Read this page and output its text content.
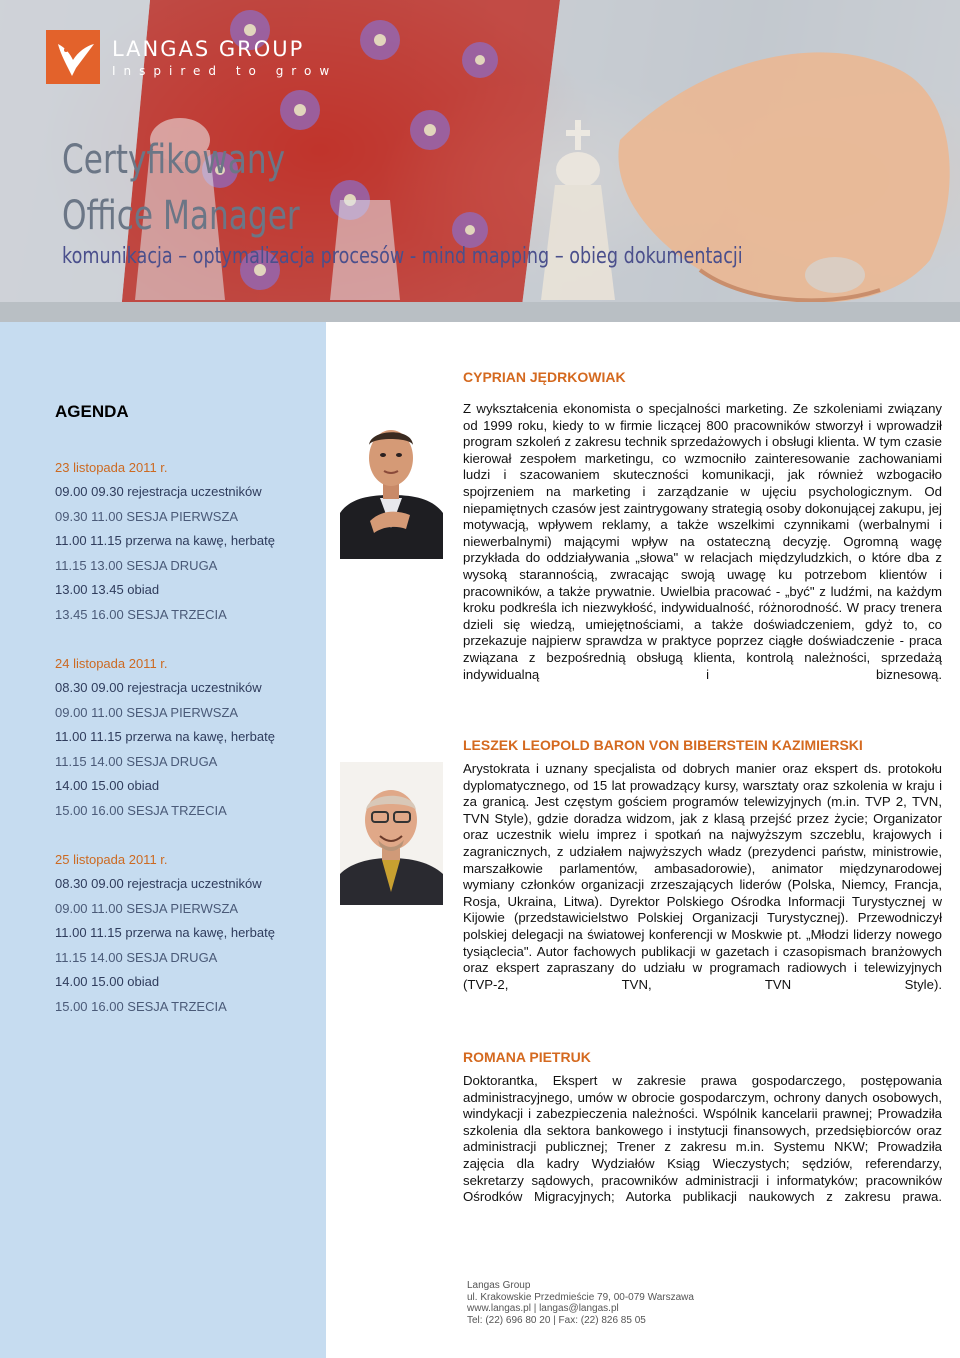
LANGAS GROUP
Inspired to grow
Certyfikowany
Office Manager
komunikacja – optymalizacja procesów - mind mapping – obieg dokumentacji
AGENDA
23 listopada 2011 r.
09.00 09.30 rejestracja uczestników
09.30 11.00 SESJA PIERWSZA
11.00 11.15 przerwa na kawę, herbatę
11.15 13.00 SESJA DRUGA
13.00 13.45 obiad
13.45 16.00 SESJA TRZECIA
24 listopada 2011 r.
08.30 09.00 rejestracja uczestników
09.00 11.00 SESJA PIERWSZA
11.00 11.15 przerwa na kawę, herbatę
11.15 14.00 SESJA DRUGA
14.00 15.00 obiad
15.00 16.00 SESJA TRZECIA
25 listopada 2011 r.
08.30 09.00 rejestracja uczestników
09.00 11.00 SESJA PIERWSZA
11.00 11.15 przerwa na kawę, herbatę
11.15 14.00 SESJA DRUGA
14.00 15.00 obiad
15.00 16.00 SESJA TRZECIA
CYPRIAN JĘDRKOWIAK

Z wykształcenia ekonomista o specjalności marketing. Ze szkoleniami związany od 1999 roku, kiedy to w firmie liczącej 800 pracowników stworzył i wprowadził program szkoleń z zakresu technik sprzedażowych i obsługi klienta. W tym czasie kierował zespołem marketingu, co wzmocniło zainteresowanie zachowaniami ludzi i szacowaniem skuteczności komunikacji, jak również wzbogaciło spojrzeniem na marketing i zarządzanie w ujęciu psychologicznym. Od niepamiętnych czasów jest zaintrygowany strategią osoby dokonującej zakupu, jej motywacją, wpływem reklamy, a także wszelkimi czynnikami (werbalnymi i niewerbalnymi) mającymi wpływ na ostateczną decyzję. Ogromną wagę przykłada do oddziaływania „słowa" w relacjach międzyludzkich, o które dba z wysoką starannością, zwracając swoją uwagę ku potrzebom klientów i pracowników, a także prywatnie. Uwielbia pracować - „być" z ludźmi, na każdym kroku podkreśla ich niezwykłość, indywidualność, różnorodność. W pracy trenera dzieli się wiedzą, umiejętnościami, a także doświadczeniem, gdyż to, co przekazuje najpierw sprawdza w praktyce poprzez ciągłe doświadczenie - praca związana z bezpośrednią obsługą klienta, kontrolą należności, sprzedażą indywidualną i biznesową.

LESZEK LEOPOLD BARON VON BIBERSTEIN KAZIMIERSKI

Arystokrata i uznany specjalista od dobrych manier oraz ekspert ds. protokołu dyplomatycznego, od 15 lat prowadzący kursy, warsztaty oraz szkolenia w kraju i za granicą. Jest częstym gościem programów telewizyjnych (m.in. TVP 2, TVN, TVN Style), gdzie doradza widzom, jak z klasą przejść przez życie; Organizator oraz uczestnik wielu imprez i spotkań na najwyższym szczeblu, krajowych i zagranicznych, z udziałem najwyższych władz (prezydenci państw, ministrowie, marszałkowie parlamentów, ambasadorowie), animator międzynarodowej wymiany członków organizacji zrzeszających liderów (Polska, Niemcy, Francja, Rosja, Ukraina, Litwa). Dyrektor Polskiego Ośrodka Informacji Turystycznej w Kijowie (przedstawicielstwo Polskiej Organizacji Turystycznej). Przewodniczył polskiej delegacji na światowej konferencji w Moskwie pt. „Młodzi liderzy nowego tysiąclecia". Autor fachowych publikacji w gazetach i czasopismach branżowych oraz ekspert zapraszany do udziału w programach radiowych i telewizyjnych (TVP-2, TVN, TVN Style).

ROMANA PIETRUK

Doktorantka, Ekspert w zakresie prawa gospodarczego, postępowania administracyjnego, umów w obrocie gospodarczym, ochrony danych osobowych, windykacji i zabezpieczenia należności. Wspólnik kancelarii prawnej; Prowadziła szkolenia dla sektora bankowego i instytucji finansowych, przedsiębiorców oraz administracji publicznej; Trener z zakresu m.in. Systemu NKW; Prowadziła zajęcia dla kadry Wydziałów Ksiąg Wieczystych; sędziów, referendarzy, sekretarzy sądowych, pracowników administracji i informatyków; pracowników Ośrodków Migracyjnych; Autorka publikacji naukowych z zakresu prawa.

Langas Group
ul. Krakowskie Przedmieście 79, 00-079 Warszawa
www.langas.pl | langas@langas.pl
Tel: (22) 696 80 20 | Fax: (22) 826 85 05
